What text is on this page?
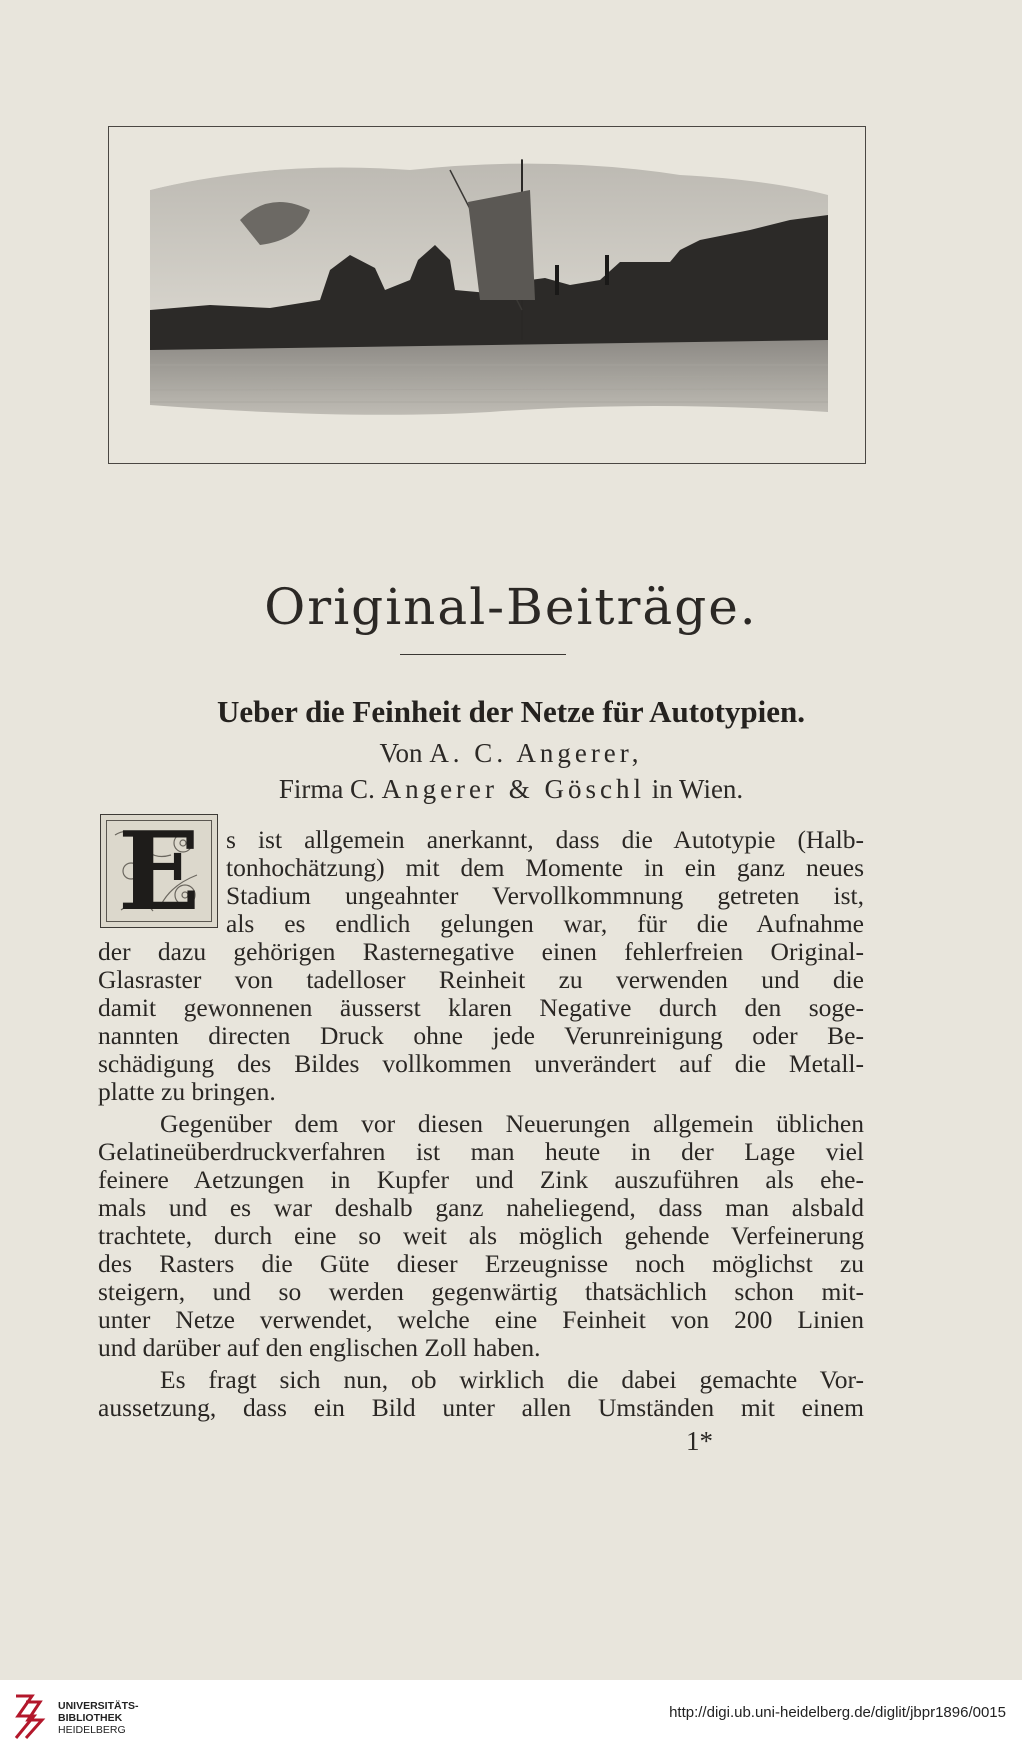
Original-Beiträge.
Ueber die Feinheit der Netze für Autotypien.
Von A. C. Angerer,
Firma C. Angerer & Göschl in Wien.
E	s ist allgemein anerkannt, dass die Autotypie (Halb-
tonhochätzung) mit dem Momente in ein ganz neues
Stadium ungeahnter Vervollkommnung getreten ist,
als es endlich gelungen war, für die Aufnahme
der dazu gehörigen Rasternegative einen fehlerfreien Original-
Glasraster von tadelloser Reinheit zu verwenden und die
damit gewonnenen äusserst klaren Negative durch den soge-
nannten directen Druck ohne jede Verunreinigung oder Be-
schädigung des Bildes vollkommen unverändert auf die Metall-
platte zu bringen.
Gegenüber dem vor diesen Neuerungen allgemein üblichen
Gelatineüberdruckverfahren ist man heute in der Lage viel
feinere Aetzungen in Kupfer und Zink auszuführen als ehe-
mals und es war deshalb ganz naheliegend, dass man alsbald
trachtete, durch eine so weit als möglich gehende Verfeinerung
des Rasters die Güte dieser Erzeugnisse noch möglichst zu
steigern, und so werden gegenwärtig thatsächlich schon mit-
unter Netze verwendet, welche eine Feinheit von 200 Linien
und darüber auf den englischen Zoll haben.
Es fragt sich nun, ob wirklich die dabei gemachte Vor-
aussetzung, dass ein Bild unter allen Umständen mit einem
1*
UNIVERSITÄTS-
BIBLIOTHEK
HEIDELBERG
http://digi.ub.uni-heidelberg.de/diglit/jbpr1896/0015
